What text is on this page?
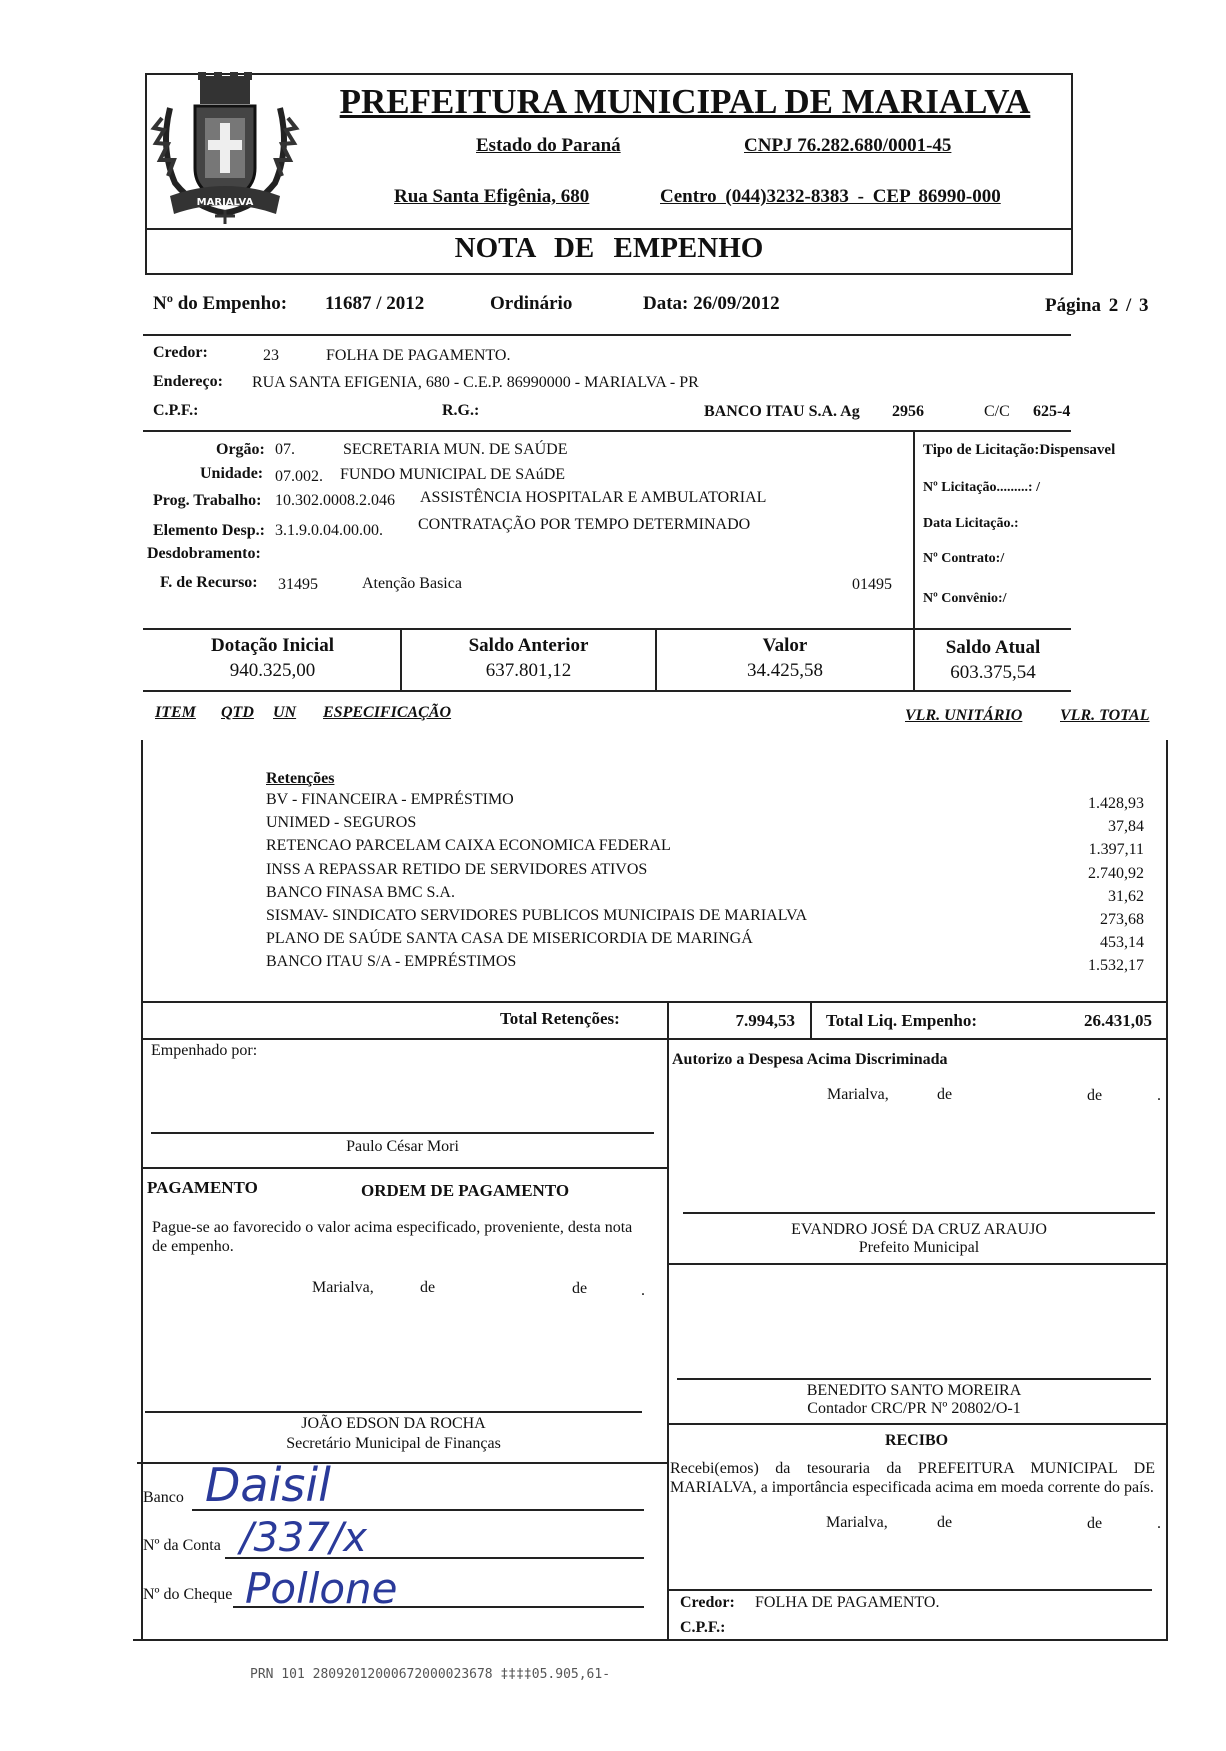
MARIALVA
PREFEITURA MUNICIPAL DE MARIALVA
Estado do Paraná	CNPJ 76.282.680/0001-45
Rua Santa Efigênia, 680	Centro (044)3232-8383 - CEP 86990-000
NOTA DE EMPENHO
Nº do Empenho: 11687 / 2012	Ordinário	Data: 26/09/2012	Página 2 / 3
Credor:	23	FOLHA DE PAGAMENTO.
Endereço: RUA SANTA EFIGENIA, 680 - C.E.P. 86990000 - MARIALVA - PR
C.P.F.:	R.G.:	BANCO ITAU S.A. Ag 2956	C/C 625-4
Orgão: 07.	SECRETARIA MUN. DE SAÚDE
Unidade: 07.002. FUNDO MUNICIPAL DE SAúDE
Prog. Trabalho: 10.302.0008.2.046 ASSISTÊNCIA HOSPITALAR E AMBULATORIAL
Elemento Desp.: 3.1.9.0.04.00.00. CONTRATAÇÃO POR TEMPO DETERMINADO
Desdobramento:
F. de Recurso: 31495	Atenção Basica	01495
Tipo de Licitação:Dispensavel
Nº Licitação.........: /
Data Licitação.:
Nº Contrato:/
Nº Convênio:/
Dotação Inicial
940.325,00
Saldo Anterior
637.801,12
Valor
34.425,58
Saldo Atual
603.375,54
ITEM QTD UN ESPECIFICAÇÃO	VLR. UNITÁRIO VLR. TOTAL
Retenções
BV - FINANCEIRA - EMPRÉSTIMO	1.428,93
UNIMED - SEGUROS	37,84
RETENCAO PARCELAM CAIXA ECONOMICA FEDERAL	1.397,11
INSS A REPASSAR RETIDO DE SERVIDORES ATIVOS	2.740,92
BANCO FINASA BMC S.A.	31,62
SISMAV- SINDICATO SERVIDORES PUBLICOS MUNICIPAIS DE MARIALVA	273,68
PLANO DE SAÚDE SANTA CASA DE MISERICORDIA DE MARINGÁ	453,14
BANCO ITAU S/A - EMPRÉSTIMOS	1.532,17
Total Retenções:	7.994,53 Total Liq. Empenho:	26.431,05
Empenhado por:
Paulo César Mori
PAGAMENTO	ORDEM DE PAGAMENTO
Pague-se ao favorecido o valor acima especificado, proveniente, desta nota de empenho.
Marialva,	de	de	.
JOÃO EDSON DA ROCHA
Secretário Municipal de Finanças
Banco Daisil
Nº da Conta /337/x
Nº do Cheque Pollone
Autorizo a Despesa Acima Discriminada
Marialva,	de	de	.
EVANDRO JOSÉ DA CRUZ ARAUJO
Prefeito Municipal
BENEDITO SANTO MOREIRA
Contador CRC/PR Nº 20802/O-1
RECIBO
Recebi(emos) da tesouraria da PREFEITURA MUNICIPAL DE MARIALVA, a importância especificada acima em moeda corrente do país.
Marialva,	de	de	.
Credor: FOLHA DE PAGAMENTO.
C.P.F.:
PRN 101 28092012000672000023678 ‡‡‡‡05.905,61-
